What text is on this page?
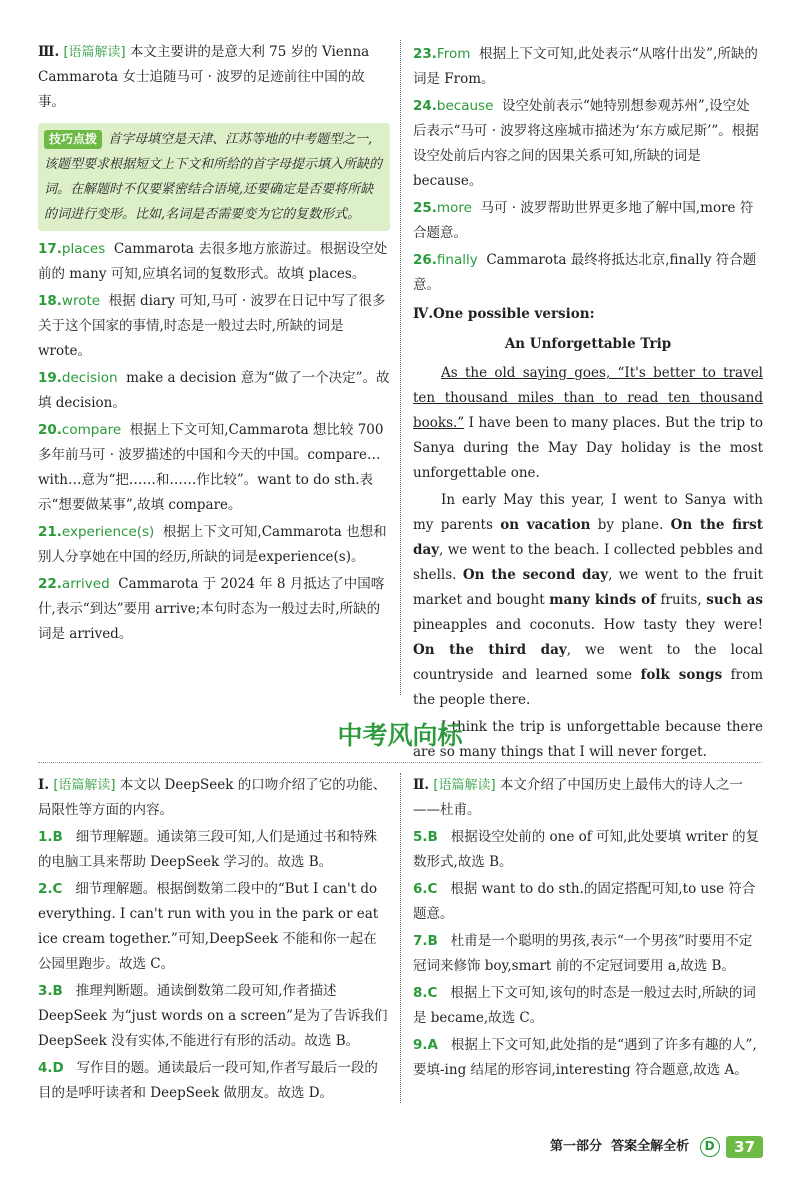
Ⅲ. [语篇解读] 本文主要讲的是意大利 75 岁的 Vienna Cammarota 女士追随马可 · 波罗的足迹前往中国的故事。

技巧点拨 首字母填空是天津、江苏等地的中考题型之一,该题型要求根据短文上下文和所给的首字母提示填入所缺的词。在解题时不仅要紧密结合语境,还要确定是否要将所缺的词进行变形。比如,名词是否需要变为它的复数形式。

17.places Cammarota 去很多地方旅游过。根据设空处前的 many 可知,应填名词的复数形式。故填 places。

18.wrote 根据 diary 可知,马可 · 波罗在日记中写了很多关于这个国家的事情,时态是一般过去时,所缺的词是 wrote。

19.decision make a decision 意为“做了一个决定”。故填 decision。

20.compare 根据上下文可知,Cammarota 想比较 700 多年前马可 · 波罗描述的中国和今天的中国。compare…with…意为“把……和……作比较”。want to do sth.表示“想要做某事”,故填 compare。

21.experience(s) 根据上下文可知,Cammarota 也想和别人分享她在中国的经历,所缺的词是experience(s)。

22.arrived Cammarota 于 2024 年 8 月抵达了中国喀什,表示“到达”要用 arrive;本句时态为一般过去时,所缺的词是 arrived。

23.From 根据上下文可知,此处表示“从喀什出发”,所缺的词是 From。

24.because 设空处前表示“她特别想参观苏州”,设空处后表示“马可 · 波罗将这座城市描述为‘东方威尼斯’”。根据设空处前后内容之间的因果关系可知,所缺的词是 because。

25.more 马可 · 波罗帮助世界更多地了解中国,more 符合题意。

26.finally Cammarota 最终将抵达北京,finally 符合题意。

Ⅳ.One possible version:

An Unforgettable Trip

As the old saying goes, “It's better to travel ten thousand miles than to read ten thousand books.” I have been to many places. But the trip to Sanya during the May Day holiday is the most unforgettable one.

In early May this year, I went to Sanya with my parents on vacation by plane. On the first day, we went to the beach. I collected pebbles and shells. On the second day, we went to the fruit market and bought many kinds of fruits, such as pineapples and coconuts. How tasty they were! On the third day, we went to the local countryside and learned some folk songs from the people there.

I think the trip is unforgettable because there are so many things that I will never forget.

中考风向标

Ⅰ. [语篇解读] 本文以 DeepSeek 的口吻介绍了它的功能、局限性等方面的内容。

1.B 细节理解题。通读第三段可知,人们是通过书和特殊的电脑工具来帮助 DeepSeek 学习的。故选 B。

2.C 细节理解题。根据倒数第二段中的“But I can't do everything. I can't run with you in the park or eat ice cream together.”可知,DeepSeek 不能和你一起在公园里跑步。故选 C。

3.B 推理判断题。通读倒数第二段可知,作者描述 DeepSeek 为“just words on a screen”是为了告诉我们 DeepSeek 没有实体,不能进行有形的活动。故选 B。

4.D 写作目的题。通读最后一段可知,作者写最后一段的目的是呼吁读者和 DeepSeek 做朋友。故选 D。

Ⅱ. [语篇解读] 本文介绍了中国历史上最伟大的诗人之一——杜甫。

5.B 根据设空处前的 one of 可知,此处要填 writer 的复数形式,故选 B。

6.C 根据 want to do sth.的固定搭配可知,to use 符合题意。

7.B 杜甫是一个聪明的男孩,表示“一个男孩”时要用不定冠词来修饰 boy,smart 前的不定冠词要用 a,故选 B。

8.C 根据上下文可知,该句的时态是一般过去时,所缺的词是 became,故选 C。

9.A 根据上下文可知,此处指的是“遇到了许多有趣的人”,要填-ing 结尾的形容词,interesting 符合题意,故选 A。

第一部分 答案全解全析 D 37
